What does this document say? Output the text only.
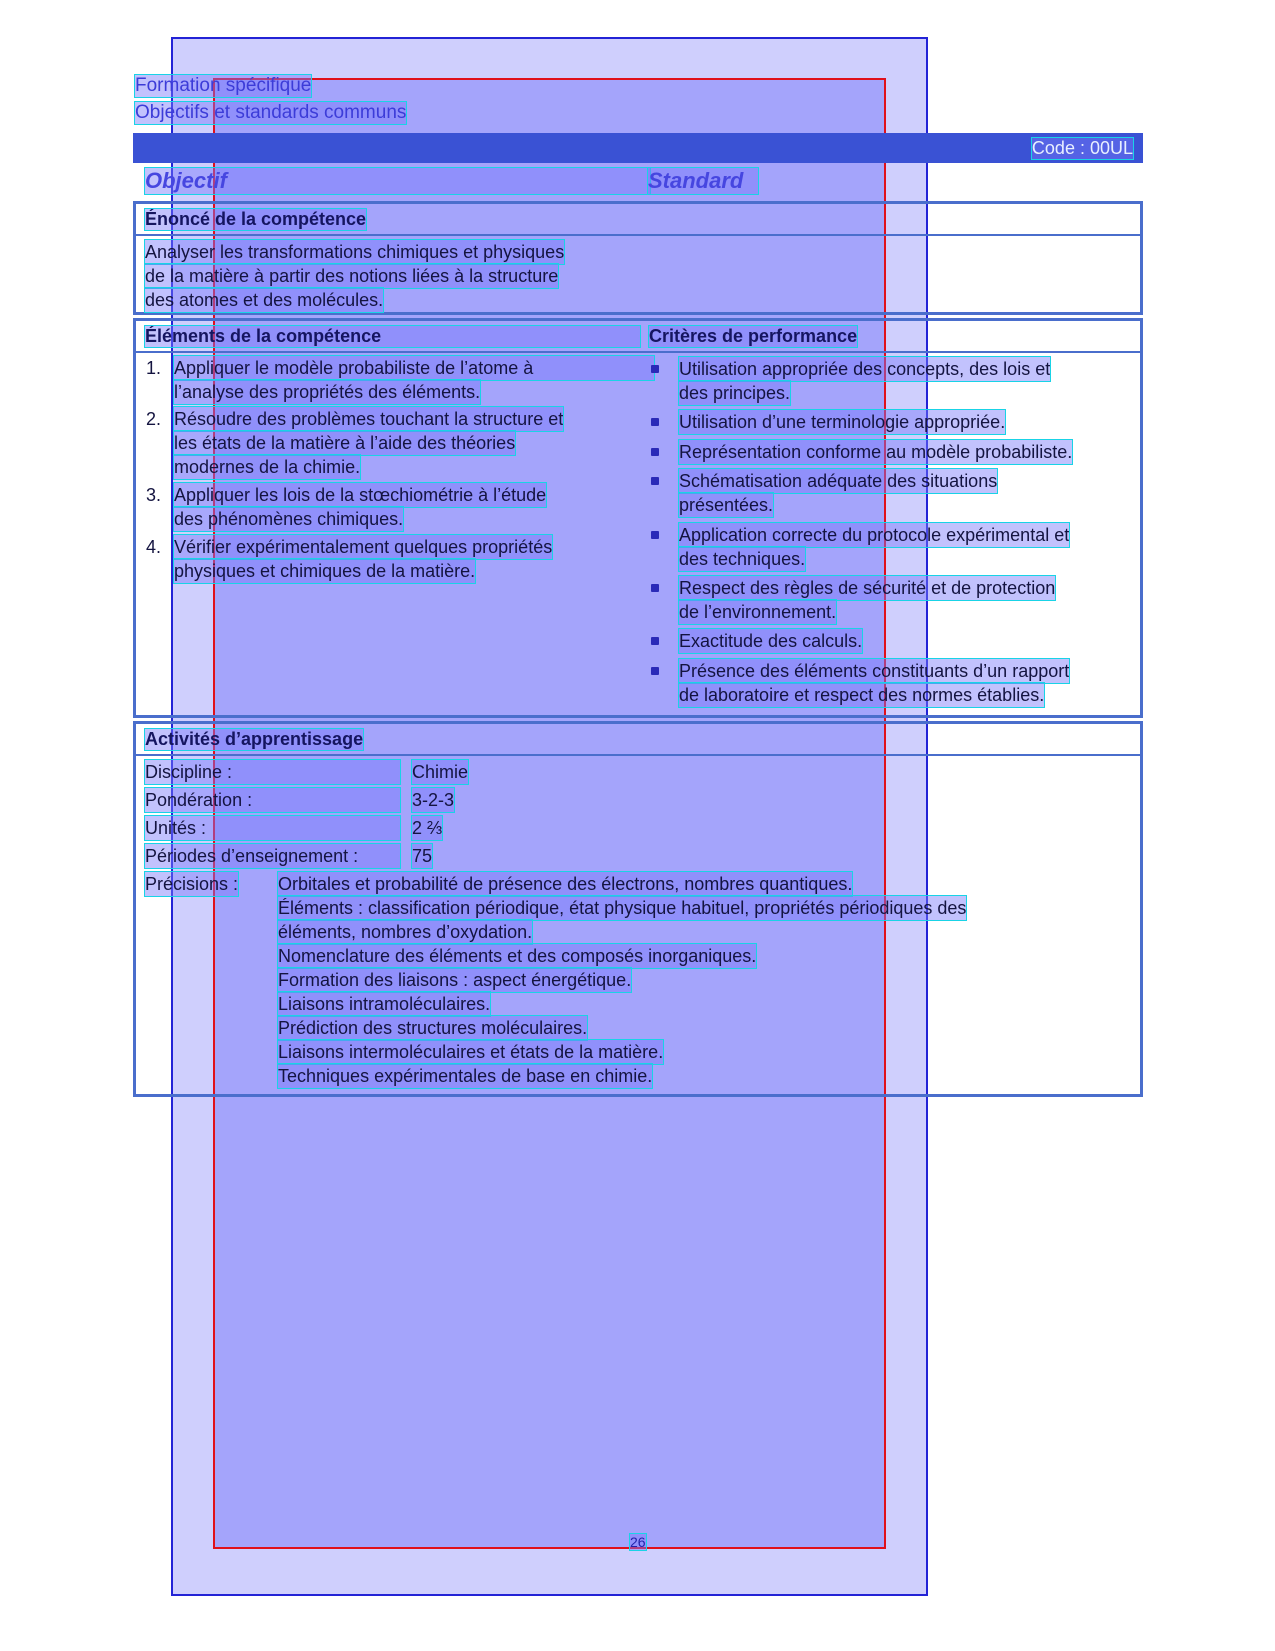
Formation spécifique
Objectifs et standards communs
Code : 00UL
Objectif	Standard
Énoncé de la compétence
Analyser les transformations chimiques et physiques
de la matière à partir des notions liées à la structure
des atomes et des molécules.
Éléments de la compétence	Critères de performance
1. Appliquer le modèle probabiliste de l’atome à
l’analyse des propriétés des éléments.
2. Résoudre des problèmes touchant la structure et
les états de la matière à l’aide des théories
modernes de la chimie.
3. Appliquer les lois de la stœchiométrie à l’étude
des phénomènes chimiques.
4. Vérifier expérimentalement quelques propriétés
physiques et chimiques de la matière.
Utilisation appropriée des concepts, des lois et
des principes.
Utilisation d’une terminologie appropriée.
Représentation conforme au modèle probabiliste.
Schématisation adéquate des situations
présentées.
Application correcte du protocole expérimental et
des techniques.
Respect des règles de sécurité et de protection
de l’environnement.
Exactitude des calculs.
Présence des éléments constituants d’un rapport
de laboratoire et respect des normes établies.
Activités d’apprentissage
Discipline :	Chimie
Pondération :	3-2-3
Unités :	2 ⅔
Périodes d’enseignement :	75
Précisions : Orbitales et probabilité de présence des électrons, nombres quantiques.
Éléments : classification périodique, état physique habituel, propriétés périodiques des
éléments, nombres d’oxydation.
Nomenclature des éléments et des composés inorganiques.
Formation des liaisons : aspect énergétique.
Liaisons intramoléculaires.
Prédiction des structures moléculaires.
Liaisons intermoléculaires et états de la matière.
Techniques expérimentales de base en chimie.
26
